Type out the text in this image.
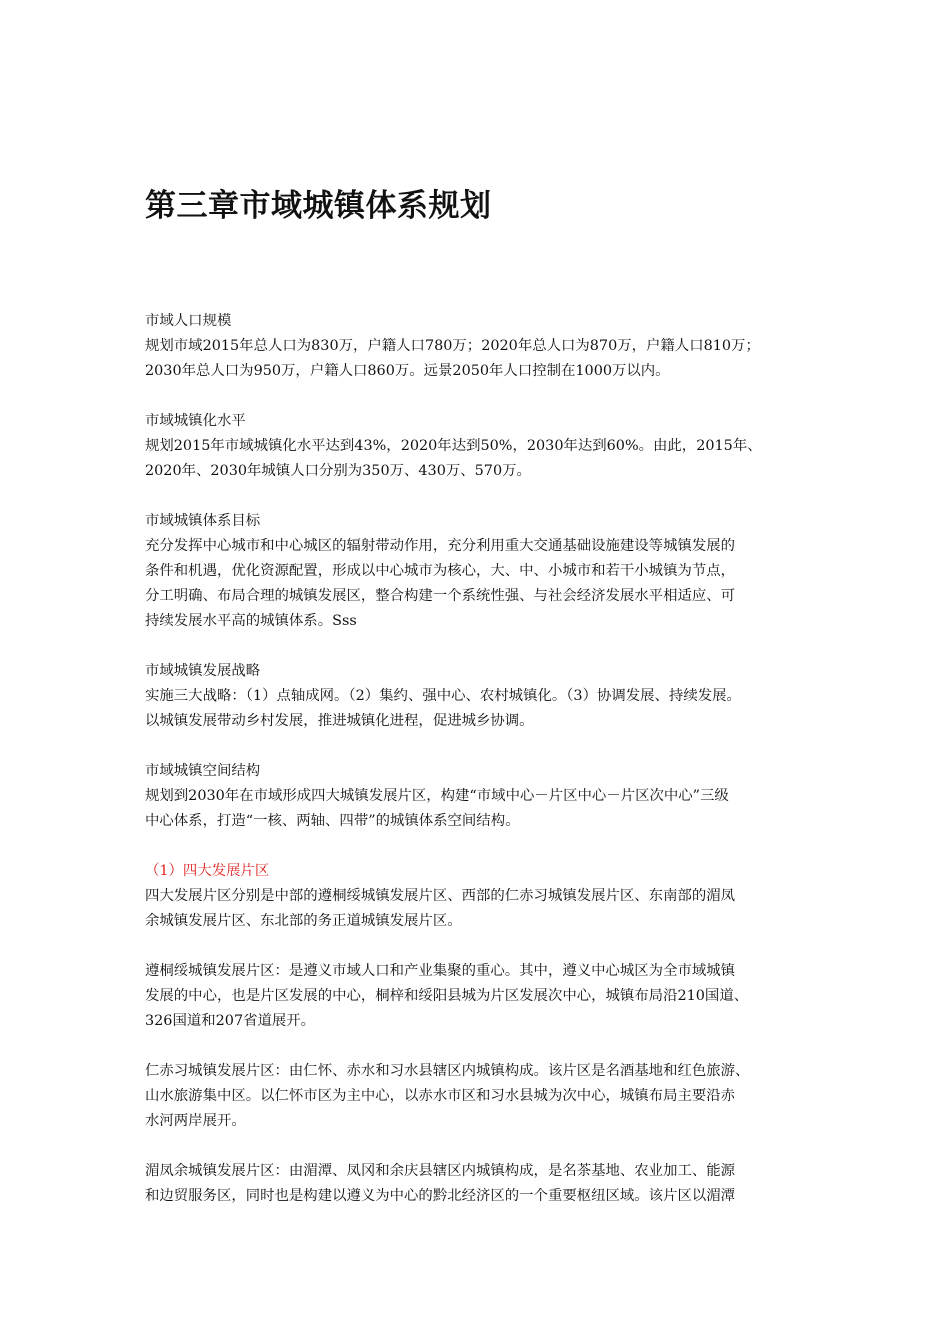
第三章市域城镇体系规划

市域人口规模

规划市域2015年总人口为830万，户籍人口780万；2020年总人口为870万，户籍人口810万；
2030年总人口为950万，户籍人口860万。远景2050年人口控制在1000万以内。

市域城镇化水平

规划2015年市域城镇化水平达到43%，2020年达到50%，2030年达到60%。由此，2015年、
2020年、2030年城镇人口分别为350万、430万、570万。

市域城镇体系目标

充分发挥中心城市和中心城区的辐射带动作用，充分利用重大交通基础设施建设等城镇发展的
条件和机遇，优化资源配置，形成以中心城市为核心，大、中、小城市和若干小城镇为节点，
分工明确、布局合理的城镇发展区，整合构建一个系统性强、与社会经济发展水平相适应、可
持续发展水平高的城镇体系。Sss

市域城镇发展战略

实施三大战略：（1）点轴成网。（2）集约、强中心、农村城镇化。（3）协调发展、持续发展。
以城镇发展带动乡村发展，推进城镇化进程，促进城乡协调。

市域城镇空间结构

规划到2030年在市域形成四大城镇发展片区，构建“市域中心－片区中心－片区次中心”三级
中心体系，打造“一核、两轴、四带”的城镇体系空间结构。

（1）四大发展片区

四大发展片区分别是中部的遵桐绥城镇发展片区、西部的仁赤习城镇发展片区、东南部的湄凤
余城镇发展片区、东北部的务正道城镇发展片区。

遵桐绥城镇发展片区：是遵义市域人口和产业集聚的重心。其中，遵义中心城区为全市域城镇
发展的中心，也是片区发展的中心，桐梓和绥阳县城为片区发展次中心，城镇布局沿210国道、
326国道和207省道展开。

仁赤习城镇发展片区：由仁怀、赤水和习水县辖区内城镇构成。该片区是名酒基地和红色旅游、
山水旅游集中区。以仁怀市区为主中心，以赤水市区和习水县城为次中心，城镇布局主要沿赤
水河两岸展开。

湄凤余城镇发展片区：由湄潭、凤冈和余庆县辖区内城镇构成，是名茶基地、农业加工、能源
和边贸服务区，同时也是构建以遵义为中心的黔北经济区的一个重要枢纽区域。该片区以湄潭
